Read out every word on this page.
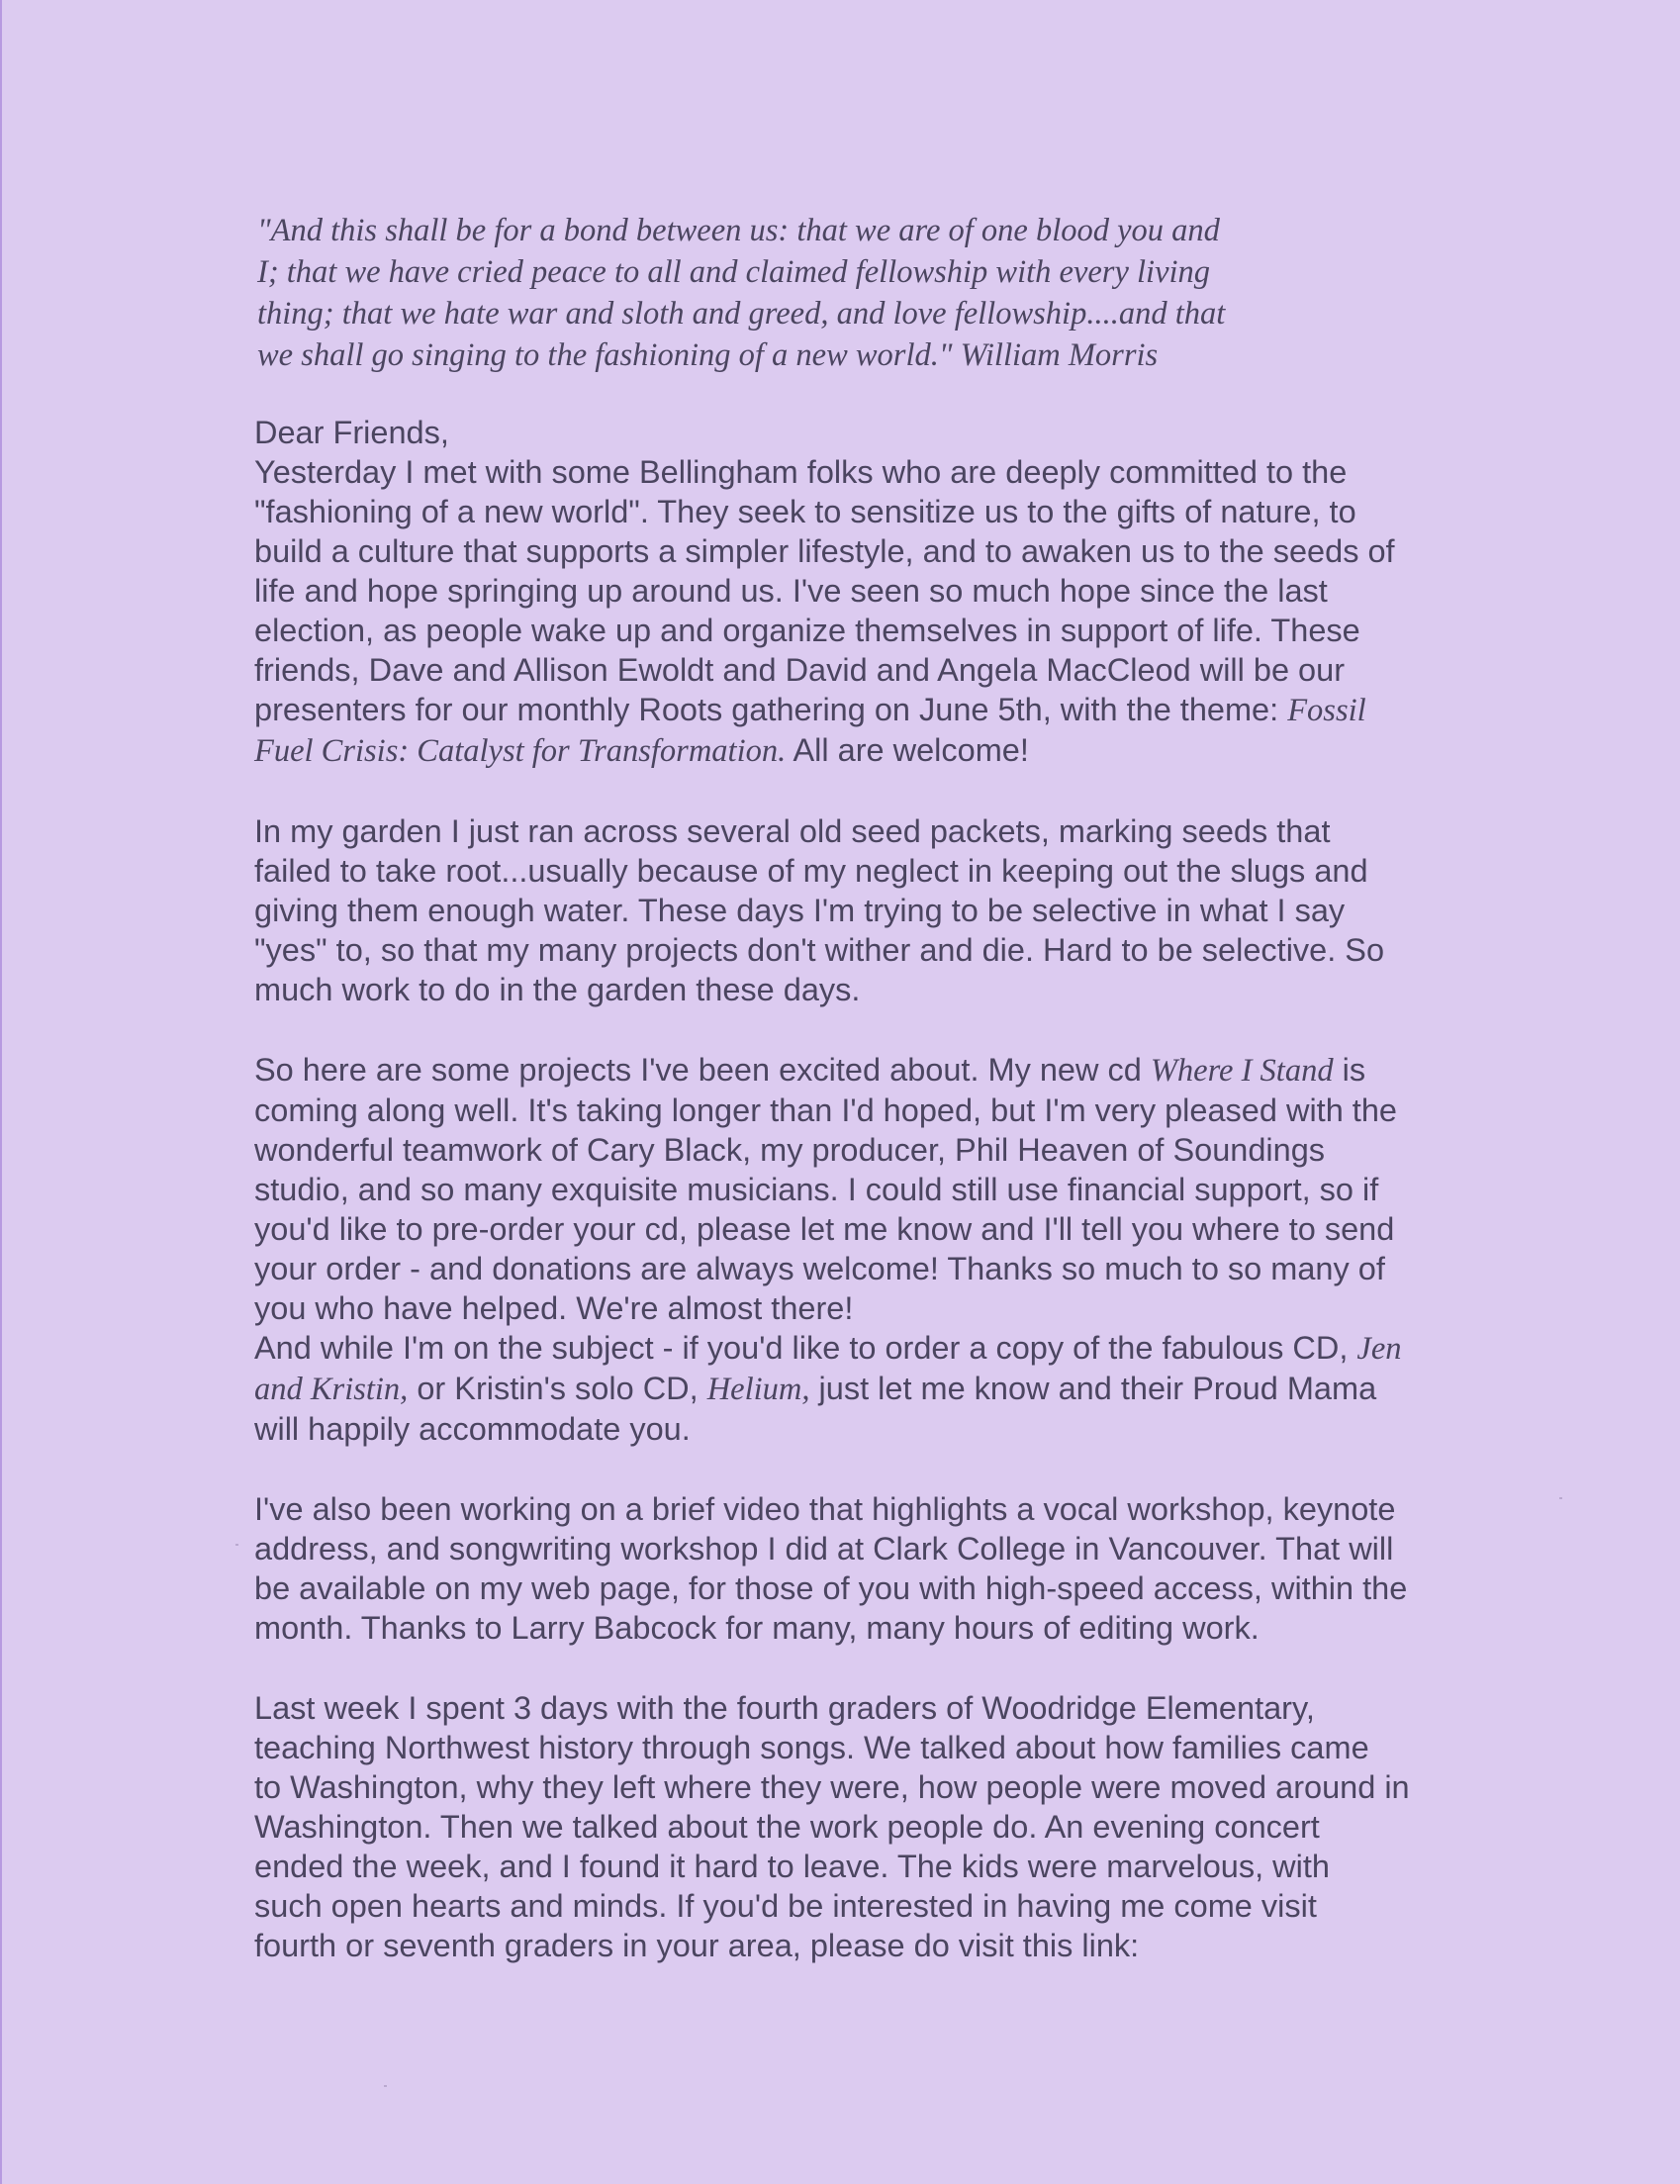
"And this shall be for a bond between us: that we are of one blood you and
I; that we have cried peace to all and claimed fellowship with every living
thing; that we hate war and sloth and greed, and love fellowship....and that
we shall go singing to the fashioning of a new world." William Morris
Dear Friends,
Yesterday I met with some Bellingham folks who are deeply committed to the
"fashioning of a new world". They seek to sensitize us to the gifts of nature, to
build a culture that supports a simpler lifestyle, and to awaken us to the seeds of
life and hope springing up around us. I've seen so much hope since the last
election, as people wake up and organize themselves in support of life. These
friends, Dave and Allison Ewoldt and David and Angela MacCleod will be our
presenters for our monthly Roots gathering on June 5th, with the theme: Fossil
Fuel Crisis: Catalyst for Transformation. All are welcome!
In my garden I just ran across several old seed packets, marking seeds that
failed to take root...usually because of my neglect in keeping out the slugs and
giving them enough water. These days I'm trying to be selective in what I say
"yes" to, so that my many projects don't wither and die. Hard to be selective. So
much work to do in the garden these days.
So here are some projects I've been excited about. My new cd Where I Stand is
coming along well. It's taking longer than I'd hoped, but I'm very pleased with the
wonderful teamwork of Cary Black, my producer, Phil Heaven of Soundings
studio, and so many exquisite musicians. I could still use financial support, so if
you'd like to pre-order your cd, please let me know and I'll tell you where to send
your order - and donations are always welcome! Thanks so much to so many of
you who have helped. We're almost there!
And while I'm on the subject - if you'd like to order a copy of the fabulous CD, Jen
and Kristin, or Kristin's solo CD, Helium, just let me know and their Proud Mama
will happily accommodate you.
I've also been working on a brief video that highlights a vocal workshop, keynote
address, and songwriting workshop I did at Clark College in Vancouver. That will
be available on my web page, for those of you with high-speed access, within the
month. Thanks to Larry Babcock for many, many hours of editing work.
Last week I spent 3 days with the fourth graders of Woodridge Elementary,
teaching Northwest history through songs. We talked about how families came
to Washington, why they left where they were, how people were moved around in
Washington. Then we talked about the work people do. An evening concert
ended the week, and I found it hard to leave. The kids were marvelous, with
such open hearts and minds. If you'd be interested in having me come visit
fourth or seventh graders in your area, please do visit this link:
